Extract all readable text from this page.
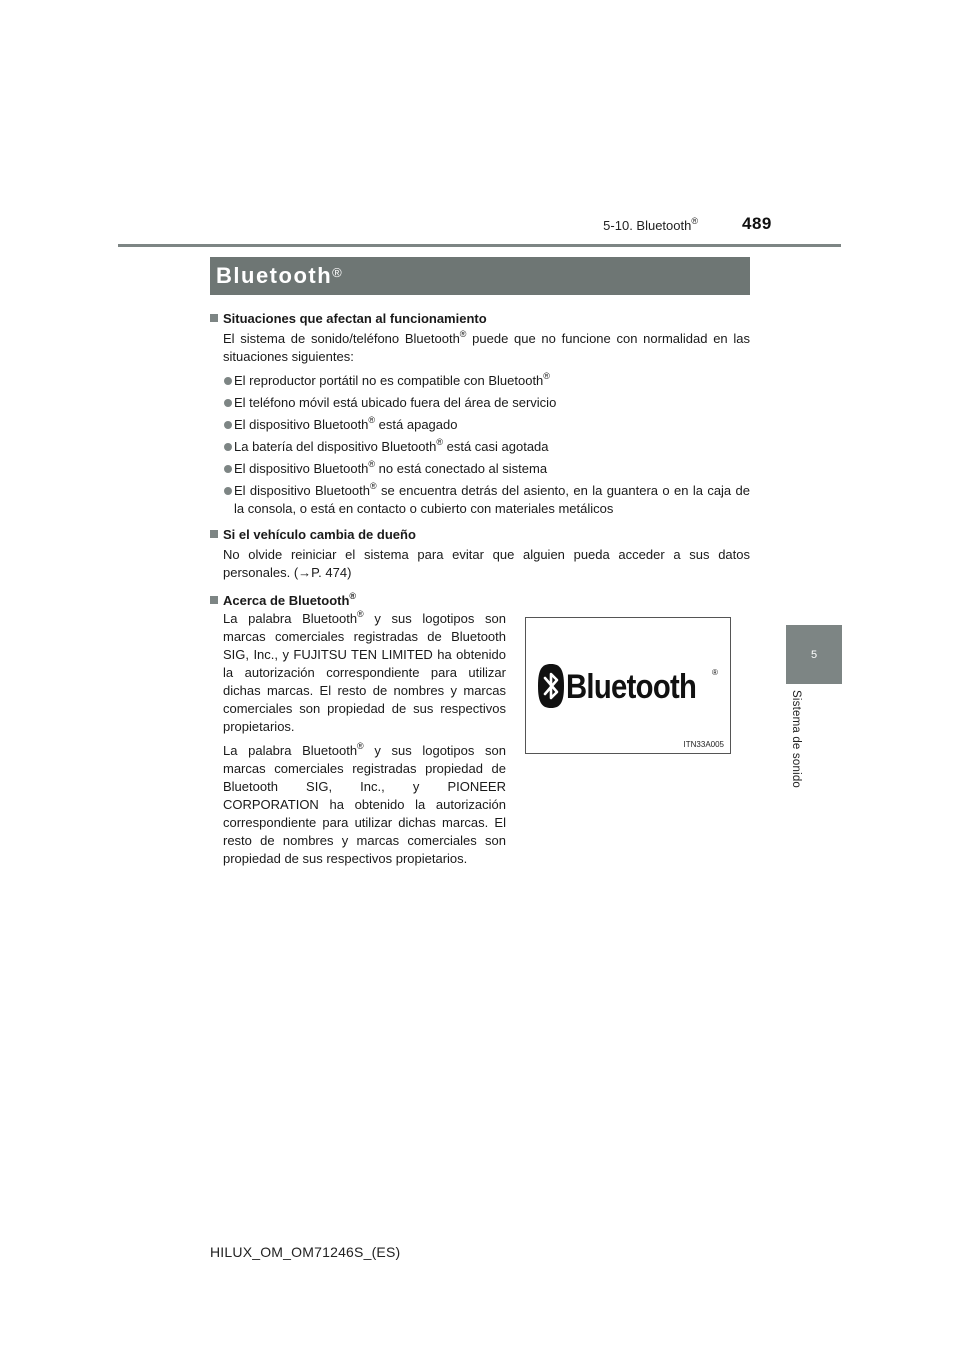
5-10. Bluetooth®	489
Bluetooth®
5
Sistema de sonido
Situaciones que afectan al funcionamiento
El sistema de sonido/teléfono Bluetooth® puede que no funcione con normalidad en las situaciones siguientes:
El reproductor portátil no es compatible con Bluetooth®
El teléfono móvil está ubicado fuera del área de servicio
El dispositivo Bluetooth® está apagado
La batería del dispositivo Bluetooth® está casi agotada
El dispositivo Bluetooth® no está conectado al sistema
El dispositivo Bluetooth® se encuentra detrás del asiento, en la guantera o en la caja de la consola, o está en contacto o cubierto con materiales metálicos
Si el vehículo cambia de dueño
No olvide reiniciar el sistema para evitar que alguien pueda acceder a sus datos personales. (→P. 474)
Acerca de Bluetooth®

La palabra Bluetooth® y sus logotipos son marcas comerciales registradas de Bluetooth SIG, Inc., y FUJITSU TEN LIMITED ha obtenido la autorización correspondiente para utilizar dichas marcas. El resto de nombres y marcas comerciales son propiedad de sus respectivos propietarios.

La palabra Bluetooth® y sus logotipos son marcas comerciales registradas propiedad de Bluetooth SIG, Inc., y PIONEER CORPORATION ha obtenido la autorización correspondiente para utilizar dichas marcas. El resto de nombres y marcas comerciales son propiedad de sus respectivos propietarios.

Bluetooth ®
ITN33A005
HILUX_OM_OM71246S_(ES)
